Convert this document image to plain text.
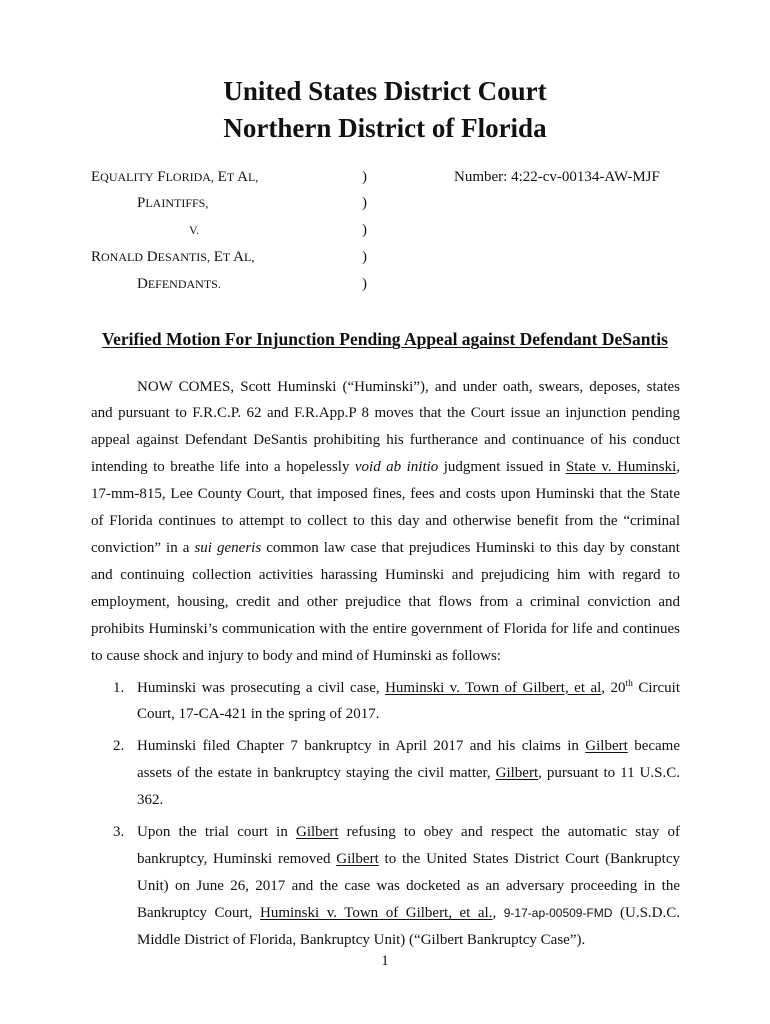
United States District Court
Northern District of Florida
EQUALITY FLORIDA, ET AL,	)	Number: 4:22-cv-00134-AW-MJF
PLAINTIFFS,	)
V.	)
RONALD DESANTIS, ET AL,	)
DEFENDANTS.	)
Verified Motion For Injunction Pending Appeal against Defendant DeSantis
NOW COMES, Scott Huminski (“Huminski”), and under oath, swears, deposes, states
and pursuant to F.R.C.P. 62 and F.R.App.P 8 moves that the Court issue an injunction pending
appeal against Defendant DeSantis prohibiting his furtherance and continuance of his conduct
intending to breathe life into a hopelessly void ab initio judgment issued in State v. Huminski,
17-mm-815, Lee County Court, that imposed fines, fees and costs upon Huminski that the State
of Florida continues to attempt to collect to this day and otherwise benefit from the “criminal
conviction” in a sui generis common law case that prejudices Huminski to this day by constant
and continuing collection activities harassing Huminski and prejudicing him with regard to
employment, housing, credit and other prejudice that flows from a criminal conviction and
prohibits Huminski’s communication with the entire government of Florida for life and continues
to cause shock and injury to body and mind of Huminski as follows:
1. Huminski was prosecuting a civil case, Huminski v. Town of Gilbert, et al, 20th Circuit
Court, 17-CA-421 in the spring of 2017.
2. Huminski filed Chapter 7 bankruptcy in April 2017 and his claims in Gilbert became
assets of the estate in bankruptcy staying the civil matter, Gilbert, pursuant to 11 U.S.C.
362.
3. Upon the trial court in Gilbert refusing to obey and respect the automatic stay of
bankruptcy, Huminski removed Gilbert to the United States District Court (Bankruptcy
Unit) on June 26, 2017 and the case was docketed as an adversary proceeding in the
Bankruptcy Court, Huminski v. Town of Gilbert, et al., 9-17-ap-00509-FMD (U.S.D.C.
Middle District of Florida, Bankruptcy Unit) (“Gilbert Bankruptcy Case”).
1
